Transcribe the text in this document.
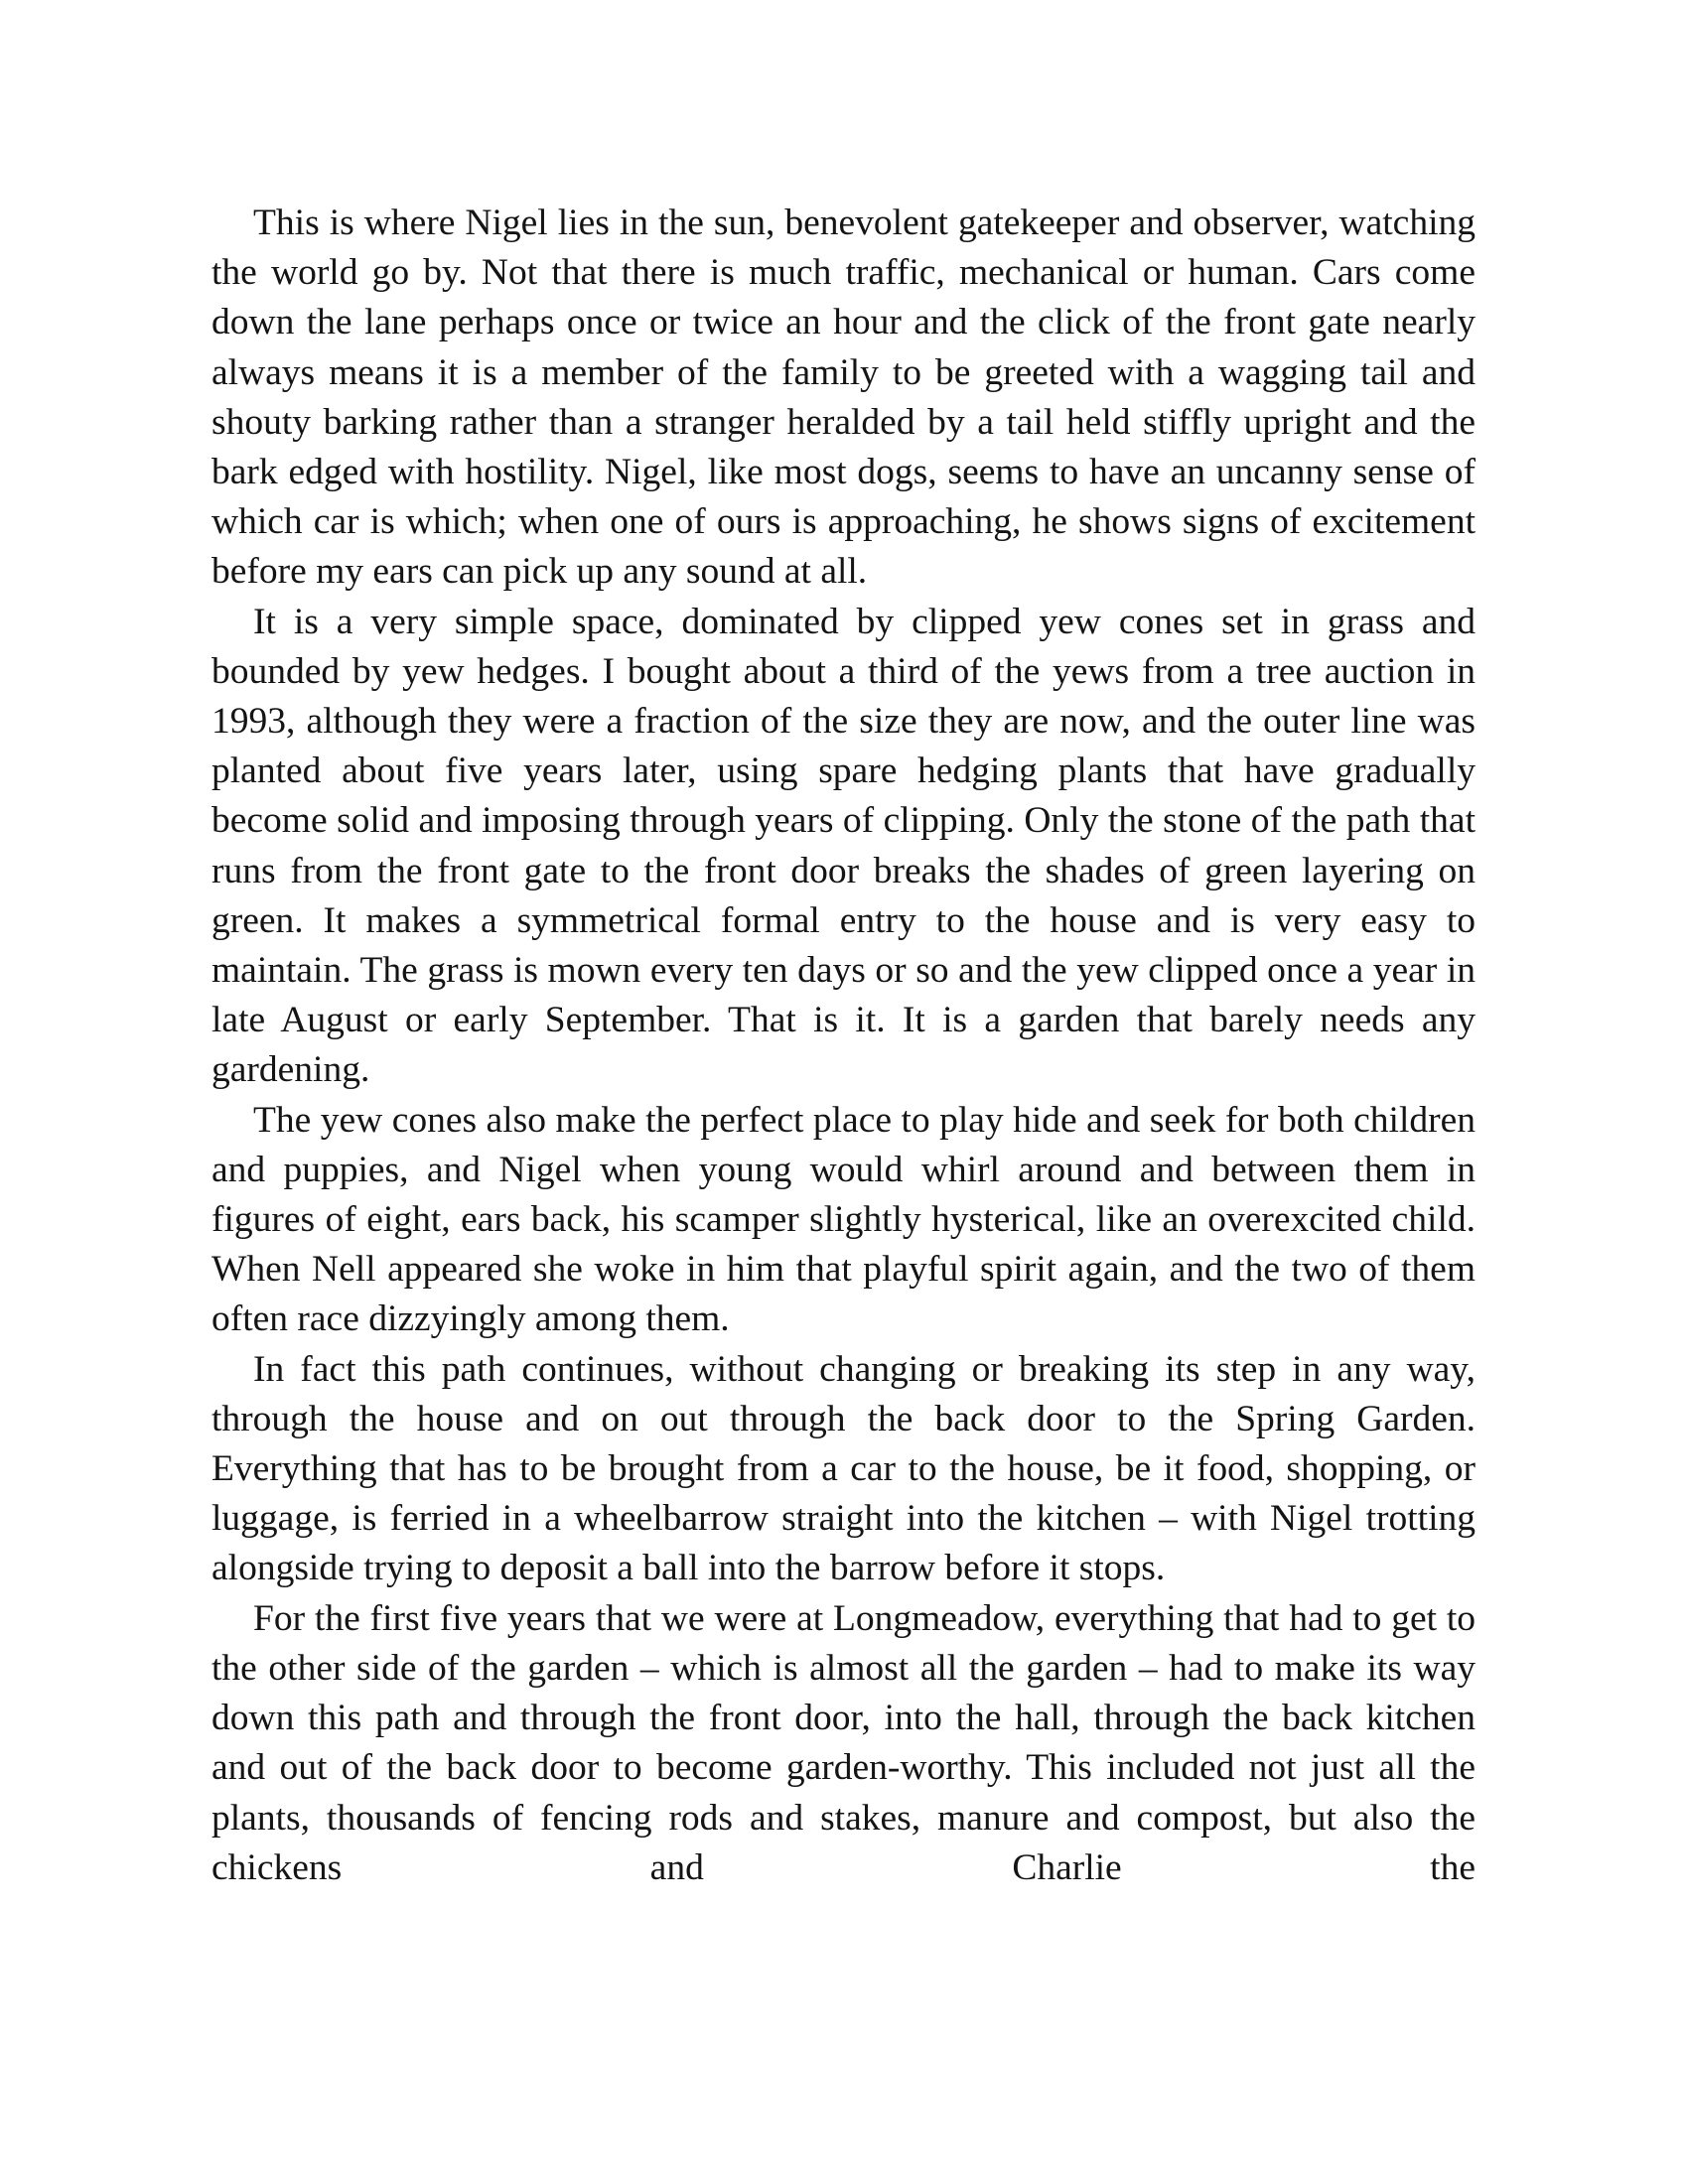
This is where Nigel lies in the sun, benevolent gatekeeper and observer, watching the world go by. Not that there is much traffic, mechanical or human. Cars come down the lane perhaps once or twice an hour and the click of the front gate nearly always means it is a member of the family to be greeted with a wagging tail and shouty barking rather than a stranger heralded by a tail held stiffly upright and the bark edged with hostility. Nigel, like most dogs, seems to have an uncanny sense of which car is which; when one of ours is approaching, he shows signs of excitement before my ears can pick up any sound at all.

It is a very simple space, dominated by clipped yew cones set in grass and bounded by yew hedges. I bought about a third of the yews from a tree auction in 1993, although they were a fraction of the size they are now, and the outer line was planted about five years later, using spare hedging plants that have gradually become solid and imposing through years of clipping. Only the stone of the path that runs from the front gate to the front door breaks the shades of green layering on green. It makes a symmetrical formal entry to the house and is very easy to maintain. The grass is mown every ten days or so and the yew clipped once a year in late August or early September. That is it. It is a garden that barely needs any gardening.

The yew cones also make the perfect place to play hide and seek for both children and puppies, and Nigel when young would whirl around and between them in figures of eight, ears back, his scamper slightly hysterical, like an overexcited child. When Nell appeared she woke in him that playful spirit again, and the two of them often race dizzyingly among them.

In fact this path continues, without changing or breaking its step in any way, through the house and on out through the back door to the Spring Garden. Everything that has to be brought from a car to the house, be it food, shopping, or luggage, is ferried in a wheelbarrow straight into the kitchen – with Nigel trotting alongside trying to deposit a ball into the barrow before it stops.

For the first five years that we were at Longmeadow, everything that had to get to the other side of the garden – which is almost all the garden – had to make its way down this path and through the front door, into the hall, through the back kitchen and out of the back door to become garden-worthy. This included not just all the plants, thousands of fencing rods and stakes, manure and compost, but also the chickens and Charlie the
